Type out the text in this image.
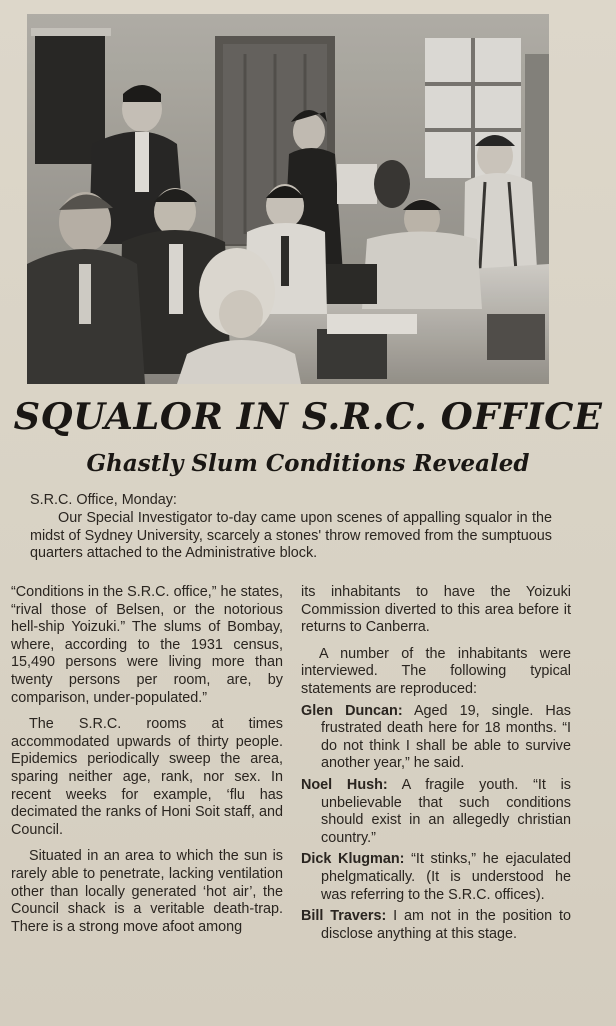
SQUALOR IN S.R.C. OFFICE
Ghastly Slum Conditions Revealed
S.R.C. Office, Monday:
Our Special Investigator to-day came upon scenes of appalling squalor in the midst of Sydney University, scarcely a stones' throw removed from the sumptuous quarters attached to the Administrative block.

“Conditions in the S.R.C. office,” he states, “rival those of Belsen, or the notorious hell-ship Yoizuki.” The slums of Bombay, where, according to the 1931 census, 15,490 persons were living more than twenty persons per room, are, by comparison, under-populated.”

The S.R.C. rooms at times accommodated upwards of thirty people. Epidemics periodically sweep the area, sparing neither age, rank, nor sex. In recent weeks for example, ‘flu has decimated the ranks of Honi Soit staff, and Council.

Situated in an area to which the sun is rarely able to penetrate, lacking ventilation other than locally generated ‘hot air’, the Council shack is a veritable death-trap. There is a strong move afoot among

its inhabitants to have the Yoizuki Commission diverted to this area before it returns to Canberra.

A number of the inhabitants were interviewed. The following typical statements are reproduced:

Glen Duncan: Aged 19, single. Has frustrated death here for 18 months. “I do not think I shall be able to survive another year,” he said.
Noel Hush: A fragile youth. “It is unbelievable that such conditions should exist in an allegedly christian country.”
Dick Klugman: “It stinks,” he ejaculated phelgmatically. (It is understood he was referring to the S.R.C. offices).
Bill Travers: I am not in the position to disclose anything at this stage.
